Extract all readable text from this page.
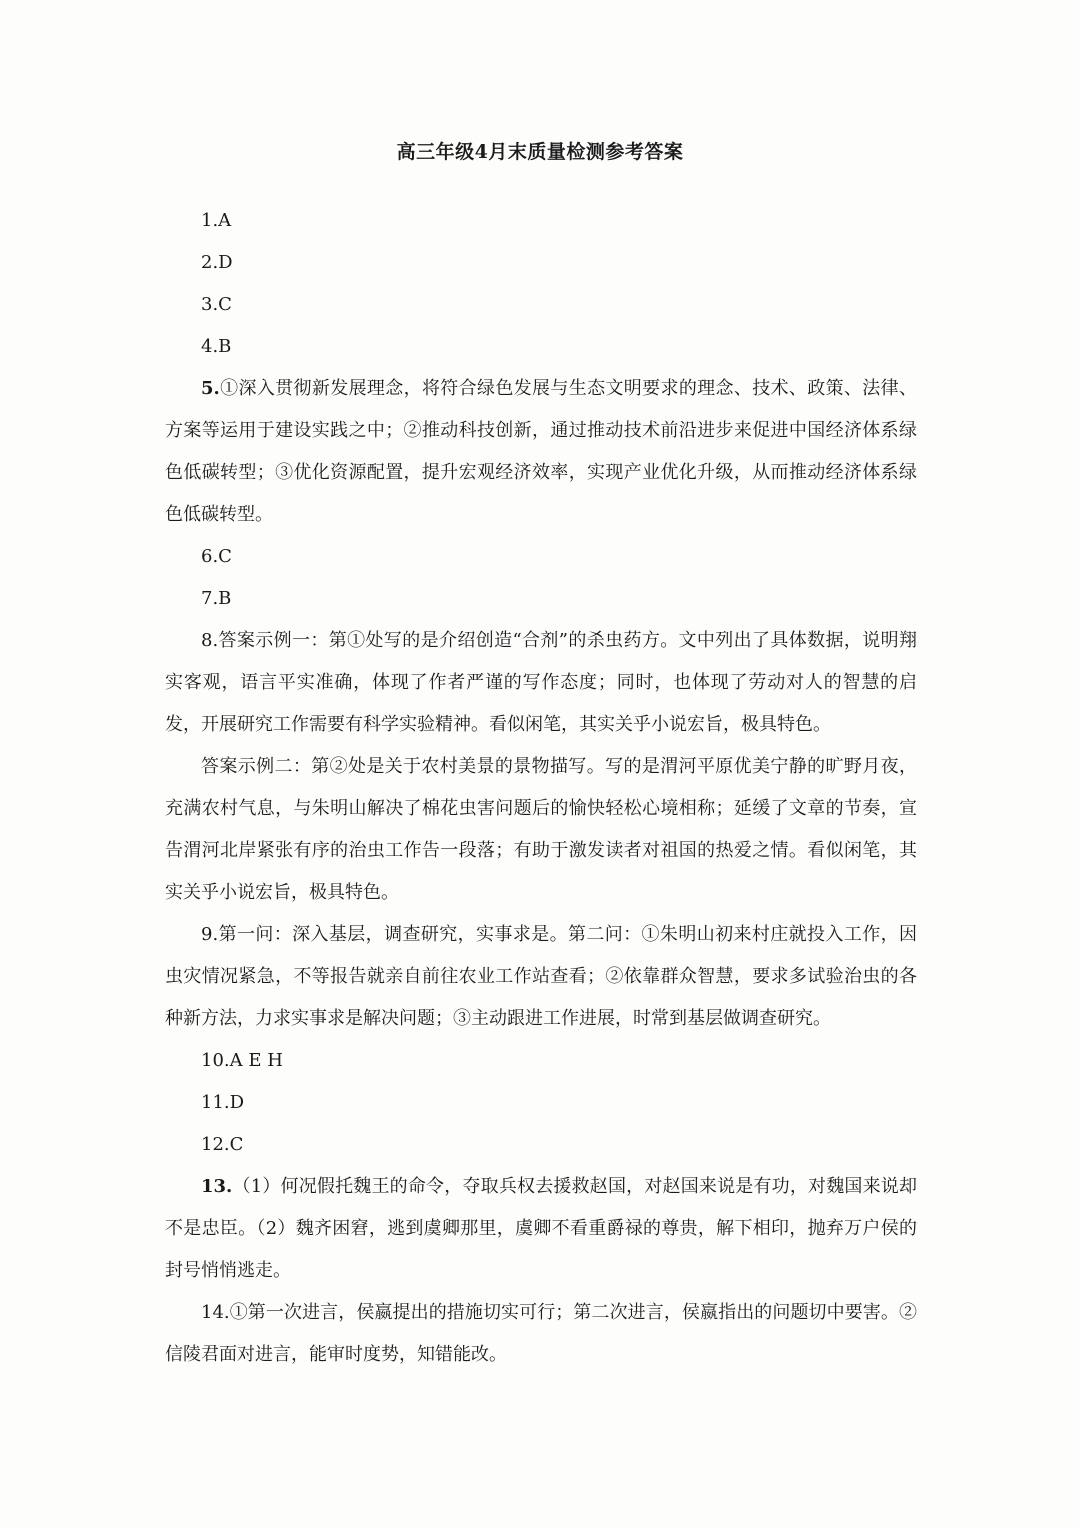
高三年级4月末质量检测参考答案

1.A

2.D

3.C

4.B

5.①深入贯彻新发展理念，将符合绿色发展与生态文明要求的理念、技术、政策、法律、方案等运用于建设实践之中；②推动科技创新，通过推动技术前沿进步来促进中国经济体系绿色低碳转型；③优化资源配置，提升宏观经济效率，实现产业优化升级，从而推动经济体系绿色低碳转型。

6.C

7.B

8.答案示例一：第①处写的是介绍创造“合剂”的杀虫药方。文中列出了具体数据，说明翔实客观，语言平实准确，体现了作者严谨的写作态度；同时，也体现了劳动对人的智慧的启发，开展研究工作需要有科学实验精神。看似闲笔，其实关乎小说宏旨，极具特色。

答案示例二：第②处是关于农村美景的景物描写。写的是渭河平原优美宁静的旷野月夜，充满农村气息，与朱明山解决了棉花虫害问题后的愉快轻松心境相称；延缓了文章的节奏，宣告渭河北岸紧张有序的治虫工作告一段落；有助于激发读者对祖国的热爱之情。看似闲笔，其实关乎小说宏旨，极具特色。

9.第一问：深入基层，调查研究，实事求是。第二问：①朱明山初来村庄就投入工作，因虫灾情况紧急，不等报告就亲自前往农业工作站查看；②依靠群众智慧，要求多试验治虫的各种新方法，力求实事求是解决问题；③主动跟进工作进展，时常到基层做调查研究。

10.A E H

11.D

12.C

13.（1）何况假托魏王的命令，夺取兵权去援救赵国，对赵国来说是有功，对魏国来说却不是忠臣。（2）魏齐困窘，逃到虞卿那里，虞卿不看重爵禄的尊贵，解下相印，抛弃万户侯的封号悄悄逃走。

14.①第一次进言，侯嬴提出的措施切实可行；第二次进言，侯嬴指出的问题切中要害。②信陵君面对进言，能审时度势，知错能改。
